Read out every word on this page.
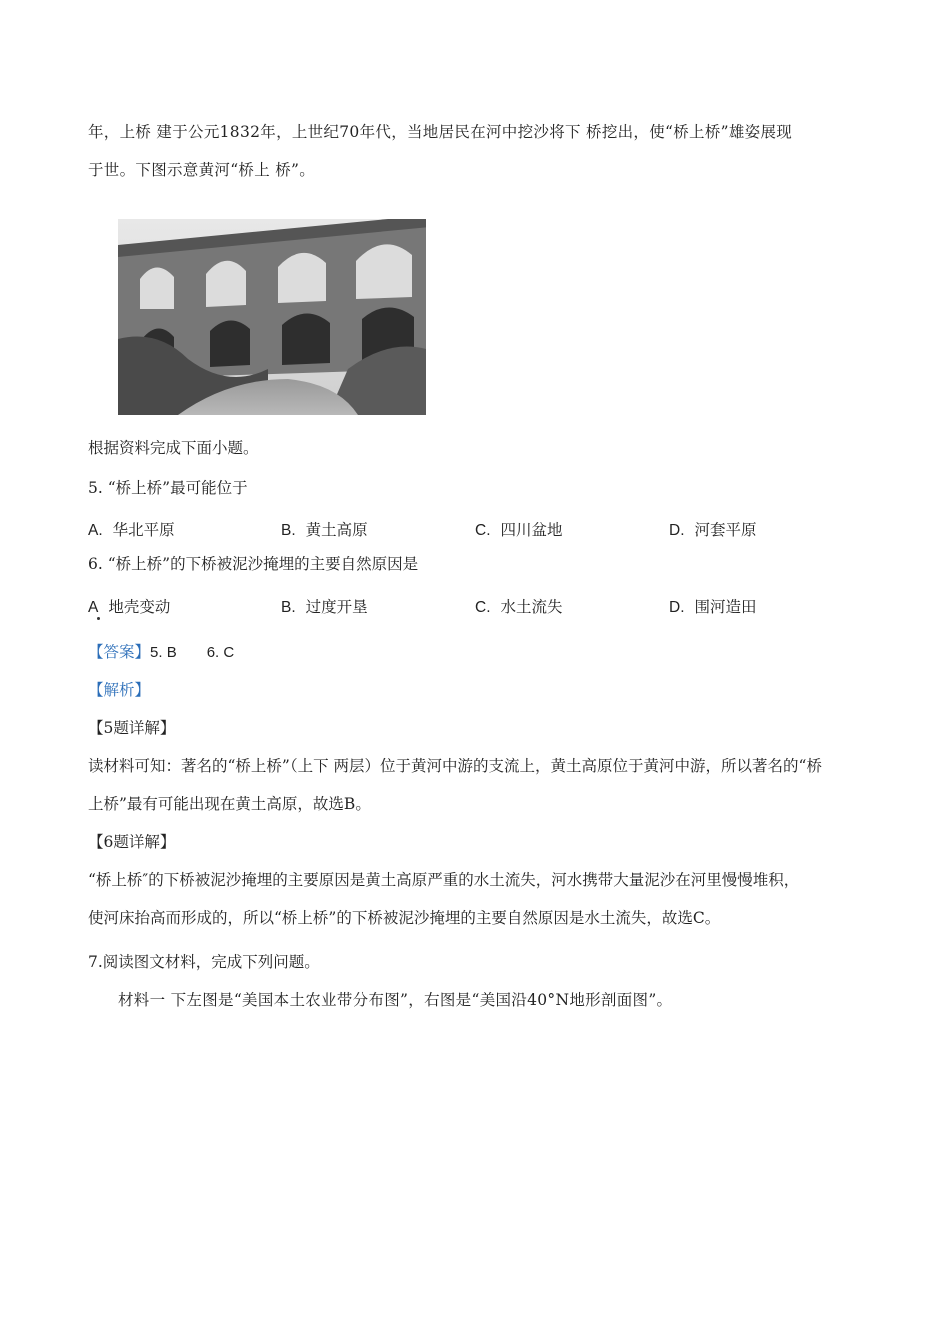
年，上桥 建于公元1832年，上世纪70年代，当地居民在河中挖沙将下 桥挖出，使“桥上桥”雄姿展现
于世。下图示意黄河“桥上 桥”。
根据资料完成下面小题。
5. “桥上桥”最可能位于
A. 华北平原	B. 黄土高原	C. 四川盆地	D. 河套平原
6. “桥上桥”的下桥被泥沙掩埋的主要自然原因是
A 地壳变动	B. 过度开垦	C. 水土流失	D. 围河造田
【答案】5. B 6. C
【解析】
【5题详解】
读材料可知：著名的“桥上桥”（上下 两层）位于黄河中游的支流上，黄土高原位于黄河中游，所以著名的“桥
上桥”最有可能出现在黄土高原，故选B。
【6题详解】
“桥上桥″的下桥被泥沙掩埋的主要原因是黄土高原严重的水土流失，河水携带大量泥沙在河里慢慢堆积，
使河床抬高而形成的，所以“桥上桥”的下桥被泥沙掩埋的主要自然原因是水土流失，故选C。
7.阅读图文材料，完成下列问题。
材料一 下左图是“美国本土农业带分布图”，右图是“美国沿40°N地形剖面图”。
